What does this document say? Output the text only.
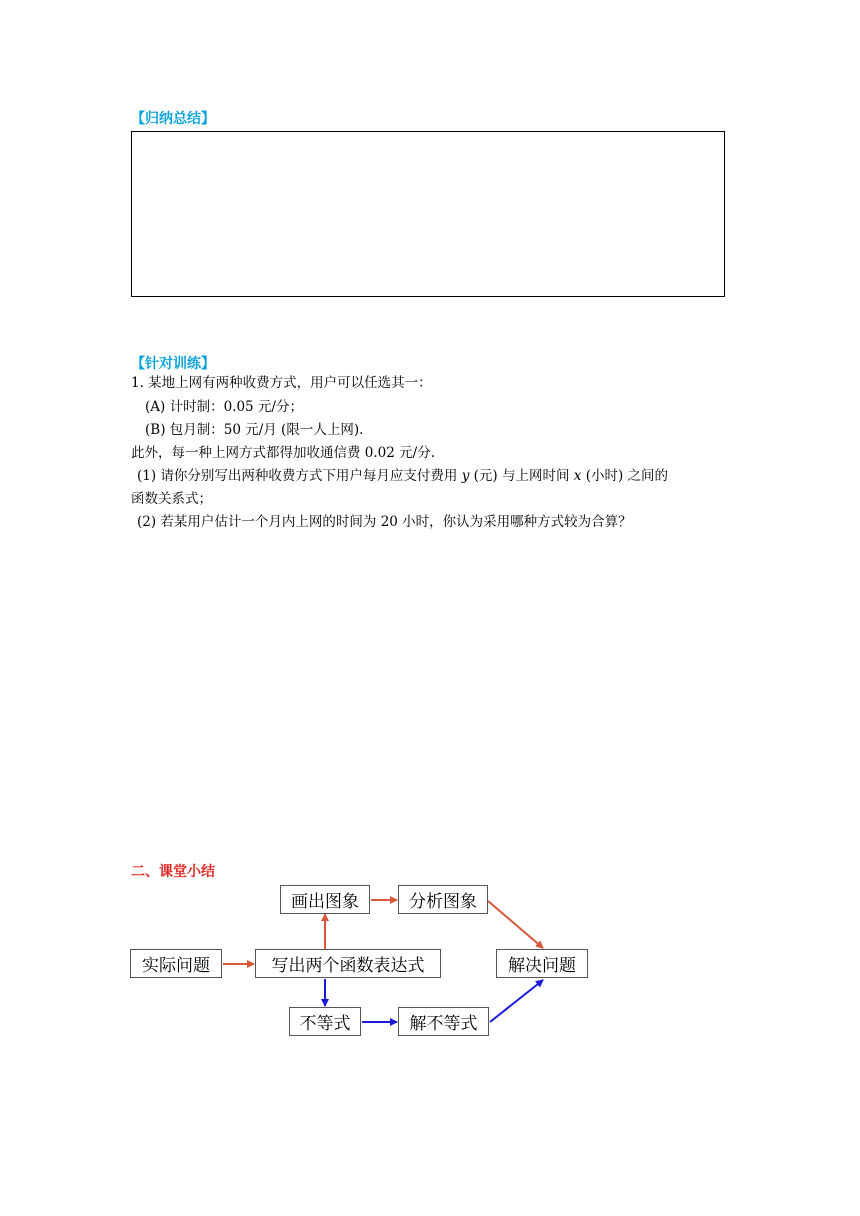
【归纳总结】
【针对训练】
1. 某地上网有两种收费方式，用户可以任选其一：
(A) 计时制：0.05 元/分；
(B) 包月制：50 元/月 (限一人上网).
此外，每一种上网方式都得加收通信费 0.02 元/分.
(1) 请你分别写出两种收费方式下用户每月应支付费用 y (元) 与上网时间 x (小时) 之间的
函数关系式；
(2) 若某用户估计一个月内上网的时间为 20 小时，你认为采用哪种方式较为合算？
二、课堂小结
画出图象	分析图象
实际问题	写出两个函数表达式	解决问题
不等式	解不等式
